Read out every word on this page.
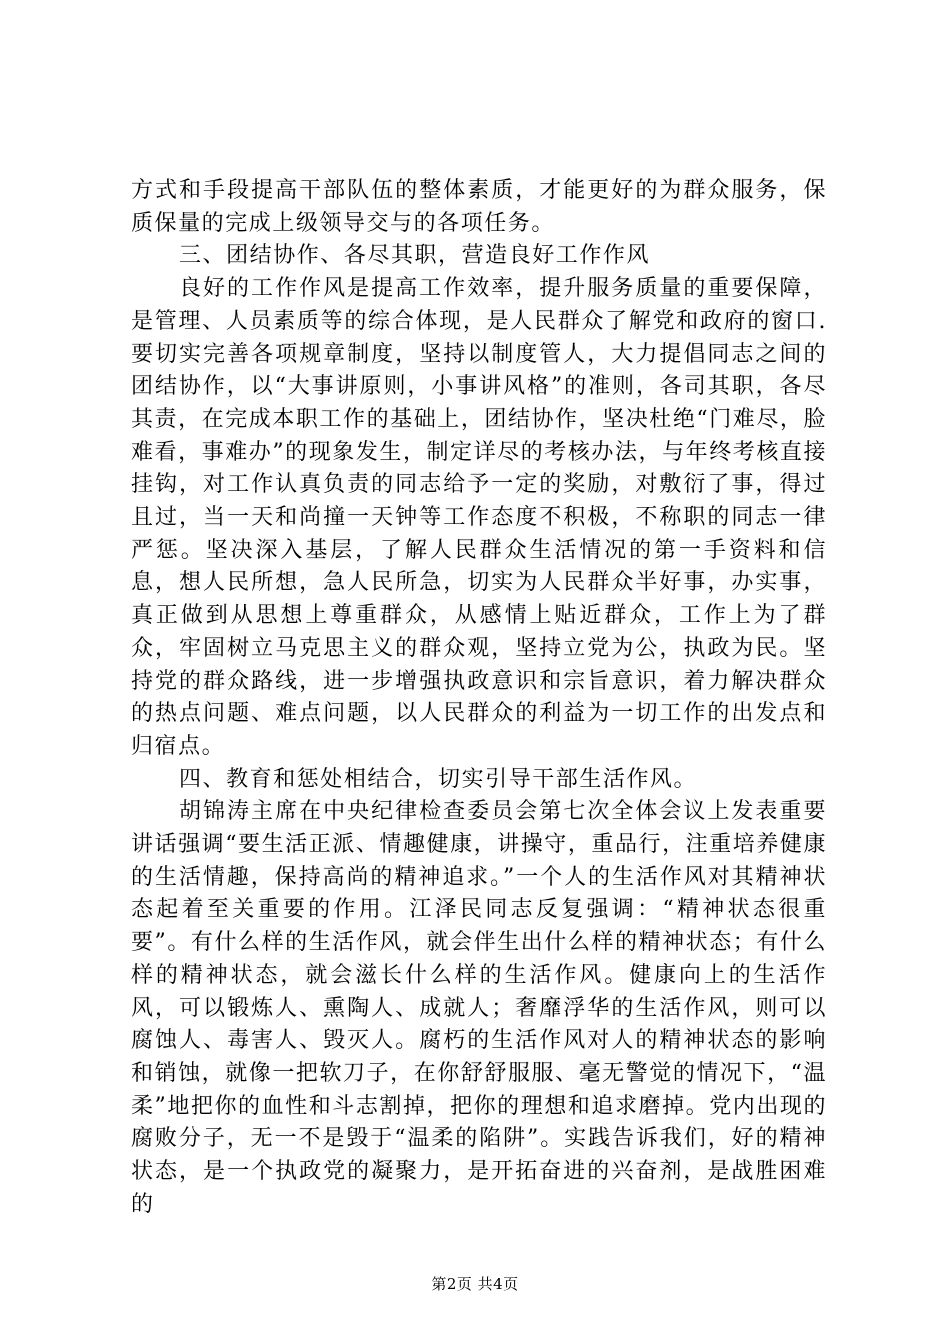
方式和手段提高干部队伍的整体素质，才能更好的为群众服务，保质保量的完成上级领导交与的各项任务。

三、团结协作、各尽其职，营造良好工作作风

良好的工作作风是提高工作效率，提升服务质量的重要保障，是管理、人员素质等的综合体现，是人民群众了解党和政府的窗口.要切实完善各项规章制度，坚持以制度管人，大力提倡同志之间的团结协作，以“大事讲原则，小事讲风格”的准则，各司其职，各尽其责，在完成本职工作的基础上，团结协作，坚决杜绝“门难尽，脸难看，事难办”的现象发生，制定详尽的考核办法，与年终考核直接挂钩，对工作认真负责的同志给予一定的奖励，对敷衍了事，得过且过，当一天和尚撞一天钟等工作态度不积极，不称职的同志一律严惩。坚决深入基层，了解人民群众生活情况的第一手资料和信息，想人民所想，急人民所急，切实为人民群众半好事，办实事，真正做到从思想上尊重群众，从感情上贴近群众，工作上为了群众，牢固树立马克思主义的群众观，坚持立党为公，执政为民。坚持党的群众路线，进一步增强执政意识和宗旨意识，着力解决群众的热点问题、难点问题，以人民群众的利益为一切工作的出发点和归宿点。

四、教育和惩处相结合，切实引导干部生活作风。

胡锦涛主席在中央纪律检查委员会第七次全体会议上发表重要讲话强调“要生活正派、情趣健康，讲操守，重品行，注重培养健康的生活情趣，保持高尚的精神追求。”一个人的生活作风对其精神状态起着至关重要的作用。江泽民同志反复强调：“精神状态很重要”。有什么样的生活作风，就会伴生出什么样的精神状态；有什么样的精神状态，就会滋长什么样的生活作风。健康向上的生活作风，可以锻炼人、熏陶人、成就人；奢靡浮华的生活作风，则可以腐蚀人、毒害人、毁灭人。腐朽的生活作风对人的精神状态的影响和销蚀，就像一把软刀子，在你舒舒服服、毫无警觉的情况下，“温柔”地把你的血性和斗志割掉，把你的理想和追求磨掉。党内出现的腐败分子，无一不是毁于“温柔的陷阱”。实践告诉我们，好的精神状态，是一个执政党的凝聚力，是开拓奋进的兴奋剂，是战胜困难的

第2页 共4页
